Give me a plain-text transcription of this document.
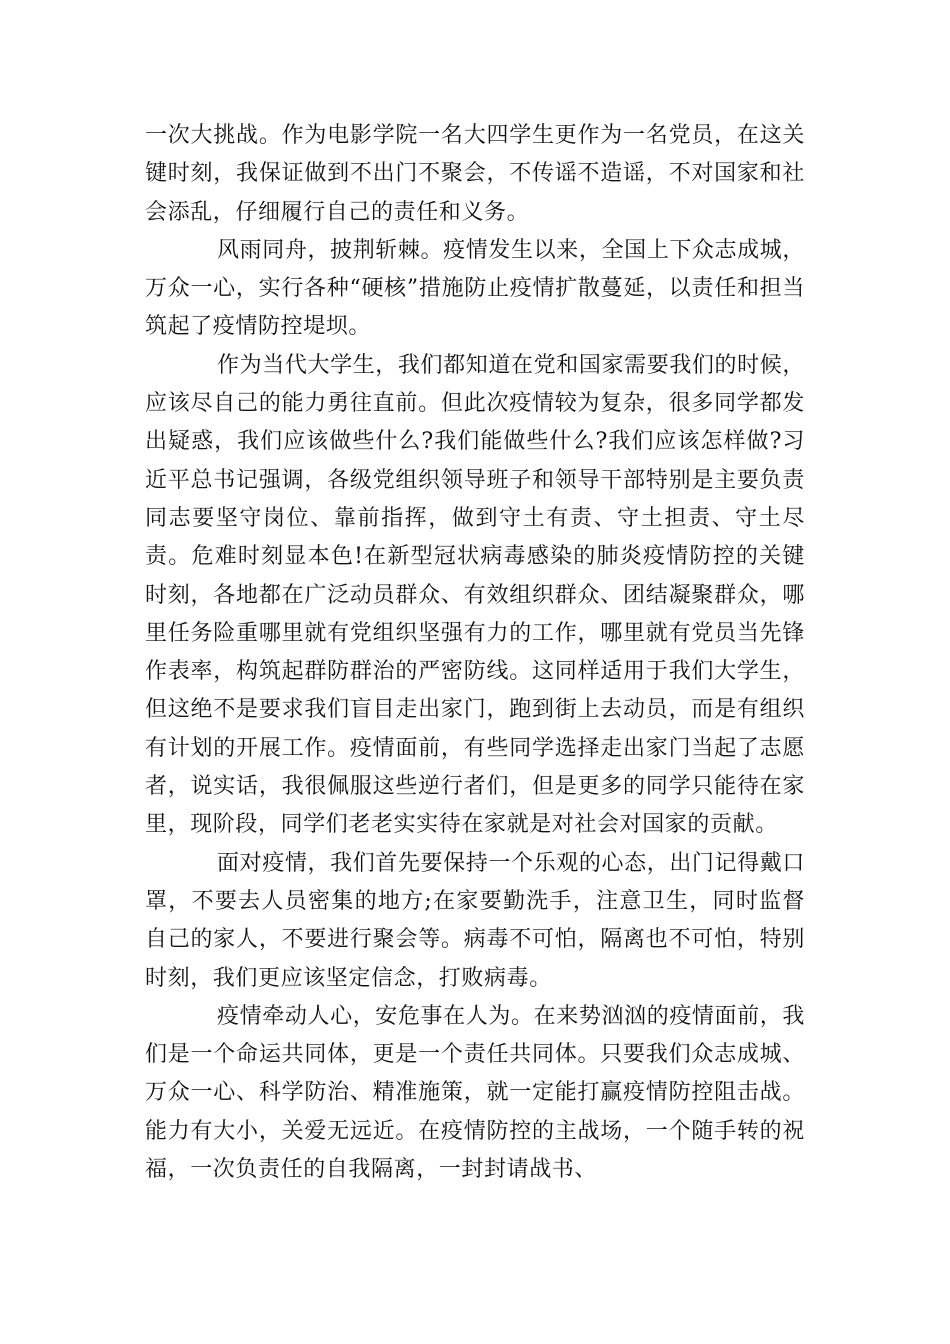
一次大挑战。作为电影学院一名大四学生更作为一名党员，在这关键时刻，我保证做到不出门不聚会，不传谣不造谣，不对国家和社会添乱，仔细履行自己的责任和义务。

风雨同舟，披荆斩棘。疫情发生以来，全国上下众志成城，万众一心，实行各种“硬核”措施防止疫情扩散蔓延，以责任和担当筑起了疫情防控堤坝。

作为当代大学生，我们都知道在党和国家需要我们的时候，应该尽自己的能力勇往直前。但此次疫情较为复杂，很多同学都发出疑惑，我们应该做些什么?我们能做些什么?我们应该怎样做?习近平总书记强调，各级党组织领导班子和领导干部特别是主要负责同志要坚守岗位、靠前指挥，做到守土有责、守土担责、守土尽责。危难时刻显本色!在新型冠状病毒感染的肺炎疫情防控的关键时刻，各地都在广泛动员群众、有效组织群众、团结凝聚群众，哪里任务险重哪里就有党组织坚强有力的工作，哪里就有党员当先锋作表率，构筑起群防群治的严密防线。这同样适用于我们大学生，但这绝不是要求我们盲目走出家门，跑到街上去动员，而是有组织有计划的开展工作。疫情面前，有些同学选择走出家门当起了志愿者，说实话，我很佩服这些逆行者们，但是更多的同学只能待在家里，现阶段，同学们老老实实待在家就是对社会对国家的贡献。

面对疫情，我们首先要保持一个乐观的心态，出门记得戴口罩，不要去人员密集的地方;在家要勤洗手，注意卫生，同时监督自己的家人，不要进行聚会等。病毒不可怕，隔离也不可怕，特别时刻，我们更应该坚定信念，打败病毒。

疫情牵动人心，安危事在人为。在来势汹汹的疫情面前，我们是一个命运共同体，更是一个责任共同体。只要我们众志成城、万众一心、科学防治、精准施策，就一定能打赢疫情防控阻击战。能力有大小，关爱无远近。在疫情防控的主战场，一个随手转的祝福，一次负责任的自我隔离，一封封请战书、
